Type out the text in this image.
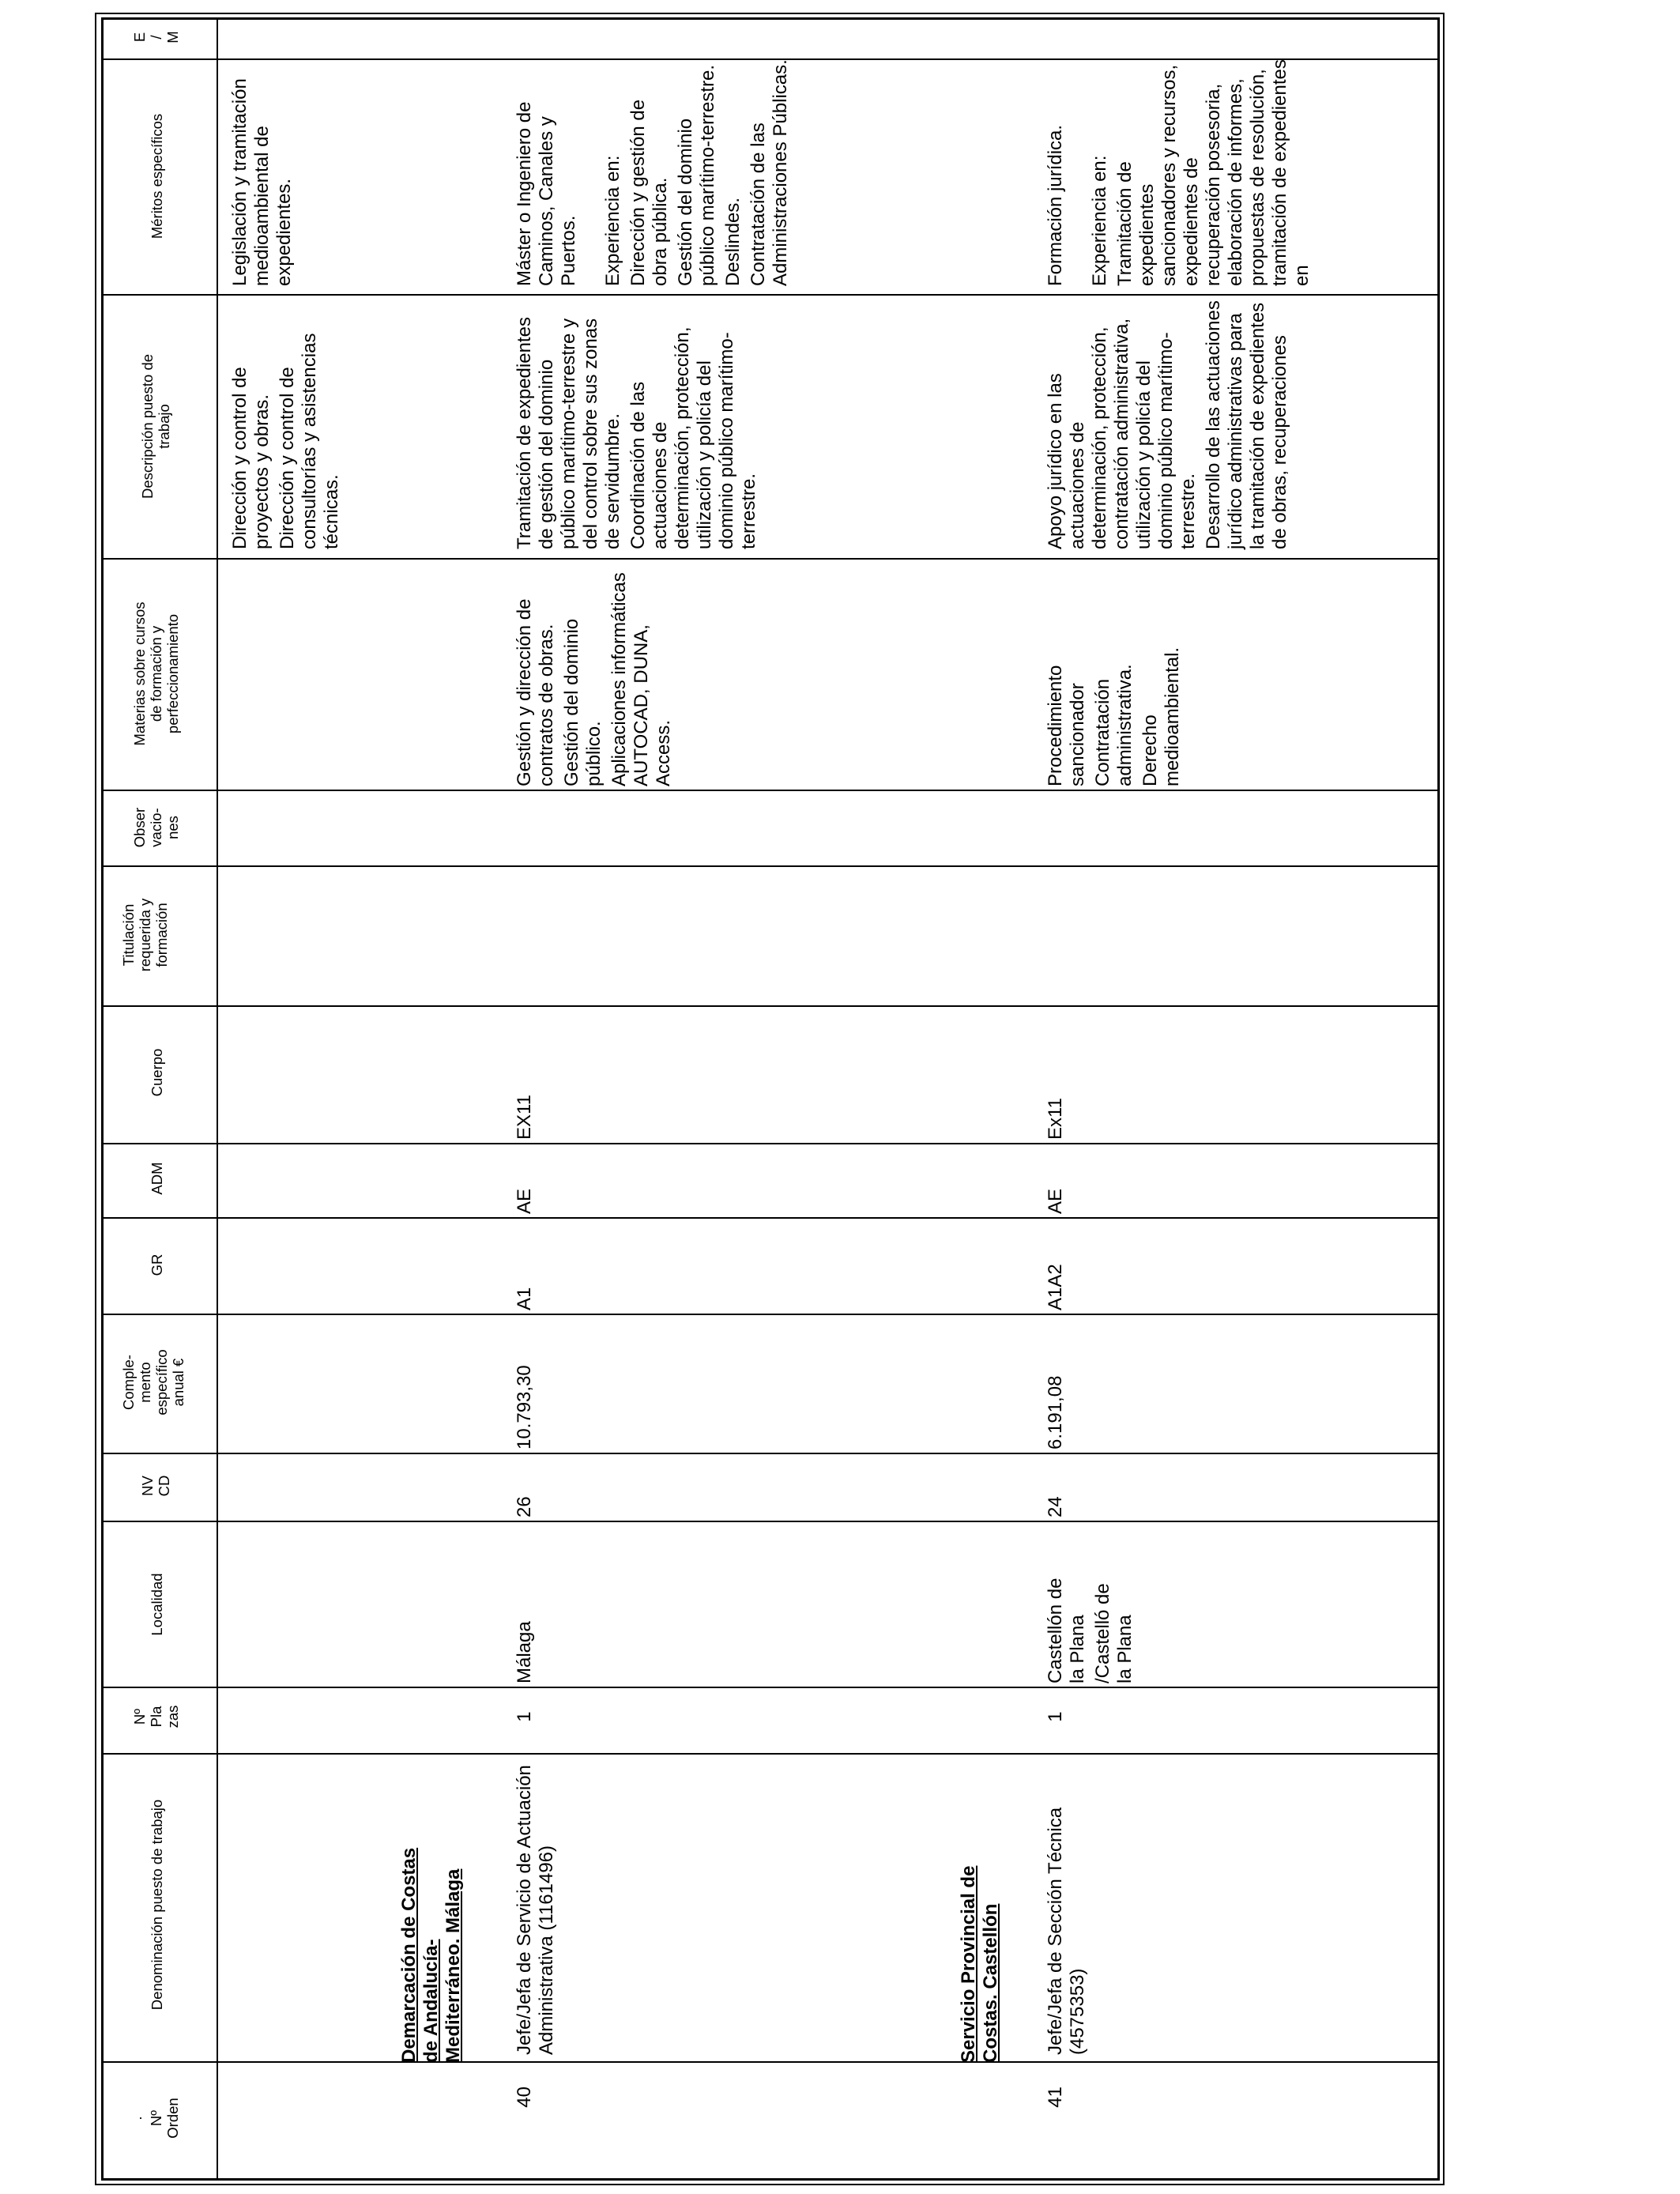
· Nº Orden
Denominación puesto de trabajo
Nº Pla zas
Localidad
NV CD
Comple- mento específico anual €
GR
ADM
Cuerpo
Titulación requerida y formación
Obser vacio- nes
Materias sobre cursos de formación y perfeccionamiento
Descripción puesto de trabajo
Méritos específicos
E / M

Dirección y control de proyectos y obras. Dirección y control de consultorías y asistencias técnicas.

Legislación y tramitación medioambiental de expedientes.

Demarcación de Costas de Andalucía-Mediterráneo. Málaga
40
Jefe/Jefa de Servicio de Actuación Administrativa (1161496)
1

Málaga

26
10.793,30
A1
AE
EX11

Gestión y dirección de contratos de obras. Gestión del dominio público. Aplicaciones informáticas AUTOCAD, DUNA, Access.

Tramitación de expedientes de gestión del dominio público marítimo-terrestre y del control sobre sus zonas de servidumbre. Coordinación de las actuaciones de determinación, protección, utilización y policía del dominio público marítimo-terrestre.

Máster o Ingeniero de Caminos, Canales y Puertos. Experiencia en: Dirección y gestión de obra pública. Gestión del dominio público marítimo-terrestre. Deslindes. Contratación de las Administraciones Públicas.

Servicio Provincial de Costas. Castellón
41
Jefe/Jefa de Sección Técnica (4575353)
1

Castellón de la Plana /Castelló de la Plana

24
6.191,08
A1A2
AE
Ex11

Procedimiento sancionador Contratación administrativa. Derecho medioambiental.

Apoyo jurídico en las actuaciones de determinación, protección, contratación administrativa, utilización y policía del dominio público marítimo-terrestre. Desarrollo de las actuaciones jurídico administrativas para la tramitación de expedientes de obras, recuperaciones

Formación jurídica. Experiencia en: Tramitación de expedientes sancionadores y recursos, expedientes de recuperación posesoria, elaboración de informes, propuestas de resolución, tramitación de expedientes en
